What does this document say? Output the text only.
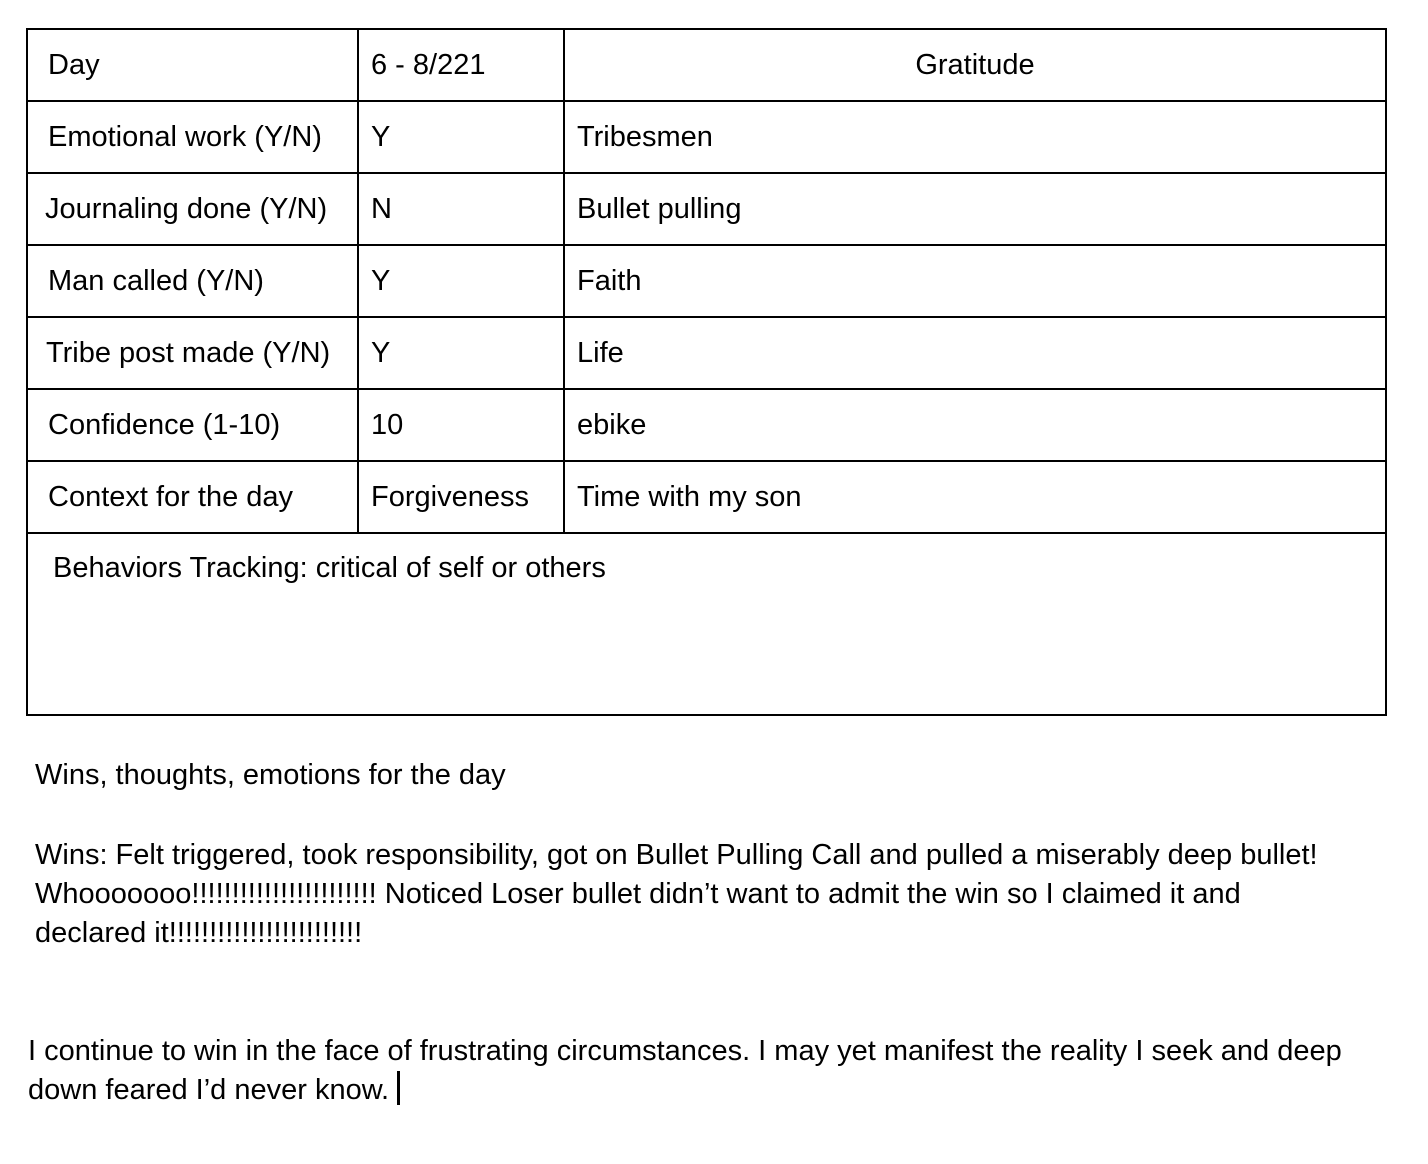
Day	6 - 8/221	Gratitude
Emotional work (Y/N)	Y	Tribesmen
Journaling done (Y/N)	N	Bullet pulling
Man called (Y/N)	Y	Faith
Tribe post made (Y/N)	Y	Life
Confidence (1-10)	10	ebike
Context for the day	Forgiveness	Time with my son
Behaviors Tracking: critical of self or others		

Wins, thoughts, emotions for the day

Wins: Felt triggered, took responsibility, got on Bullet Pulling Call and pulled a miserably deep bullet! Whooooooo!!!!!!!!!!!!!!!!!!!!!!! Noticed Loser bullet didn’t want to admit the win so I claimed it and declared it!!!!!!!!!!!!!!!!!!!!!!!!

I continue to win in the face of frustrating circumstances. I may yet manifest the reality I seek and deep down feared I’d never know.
